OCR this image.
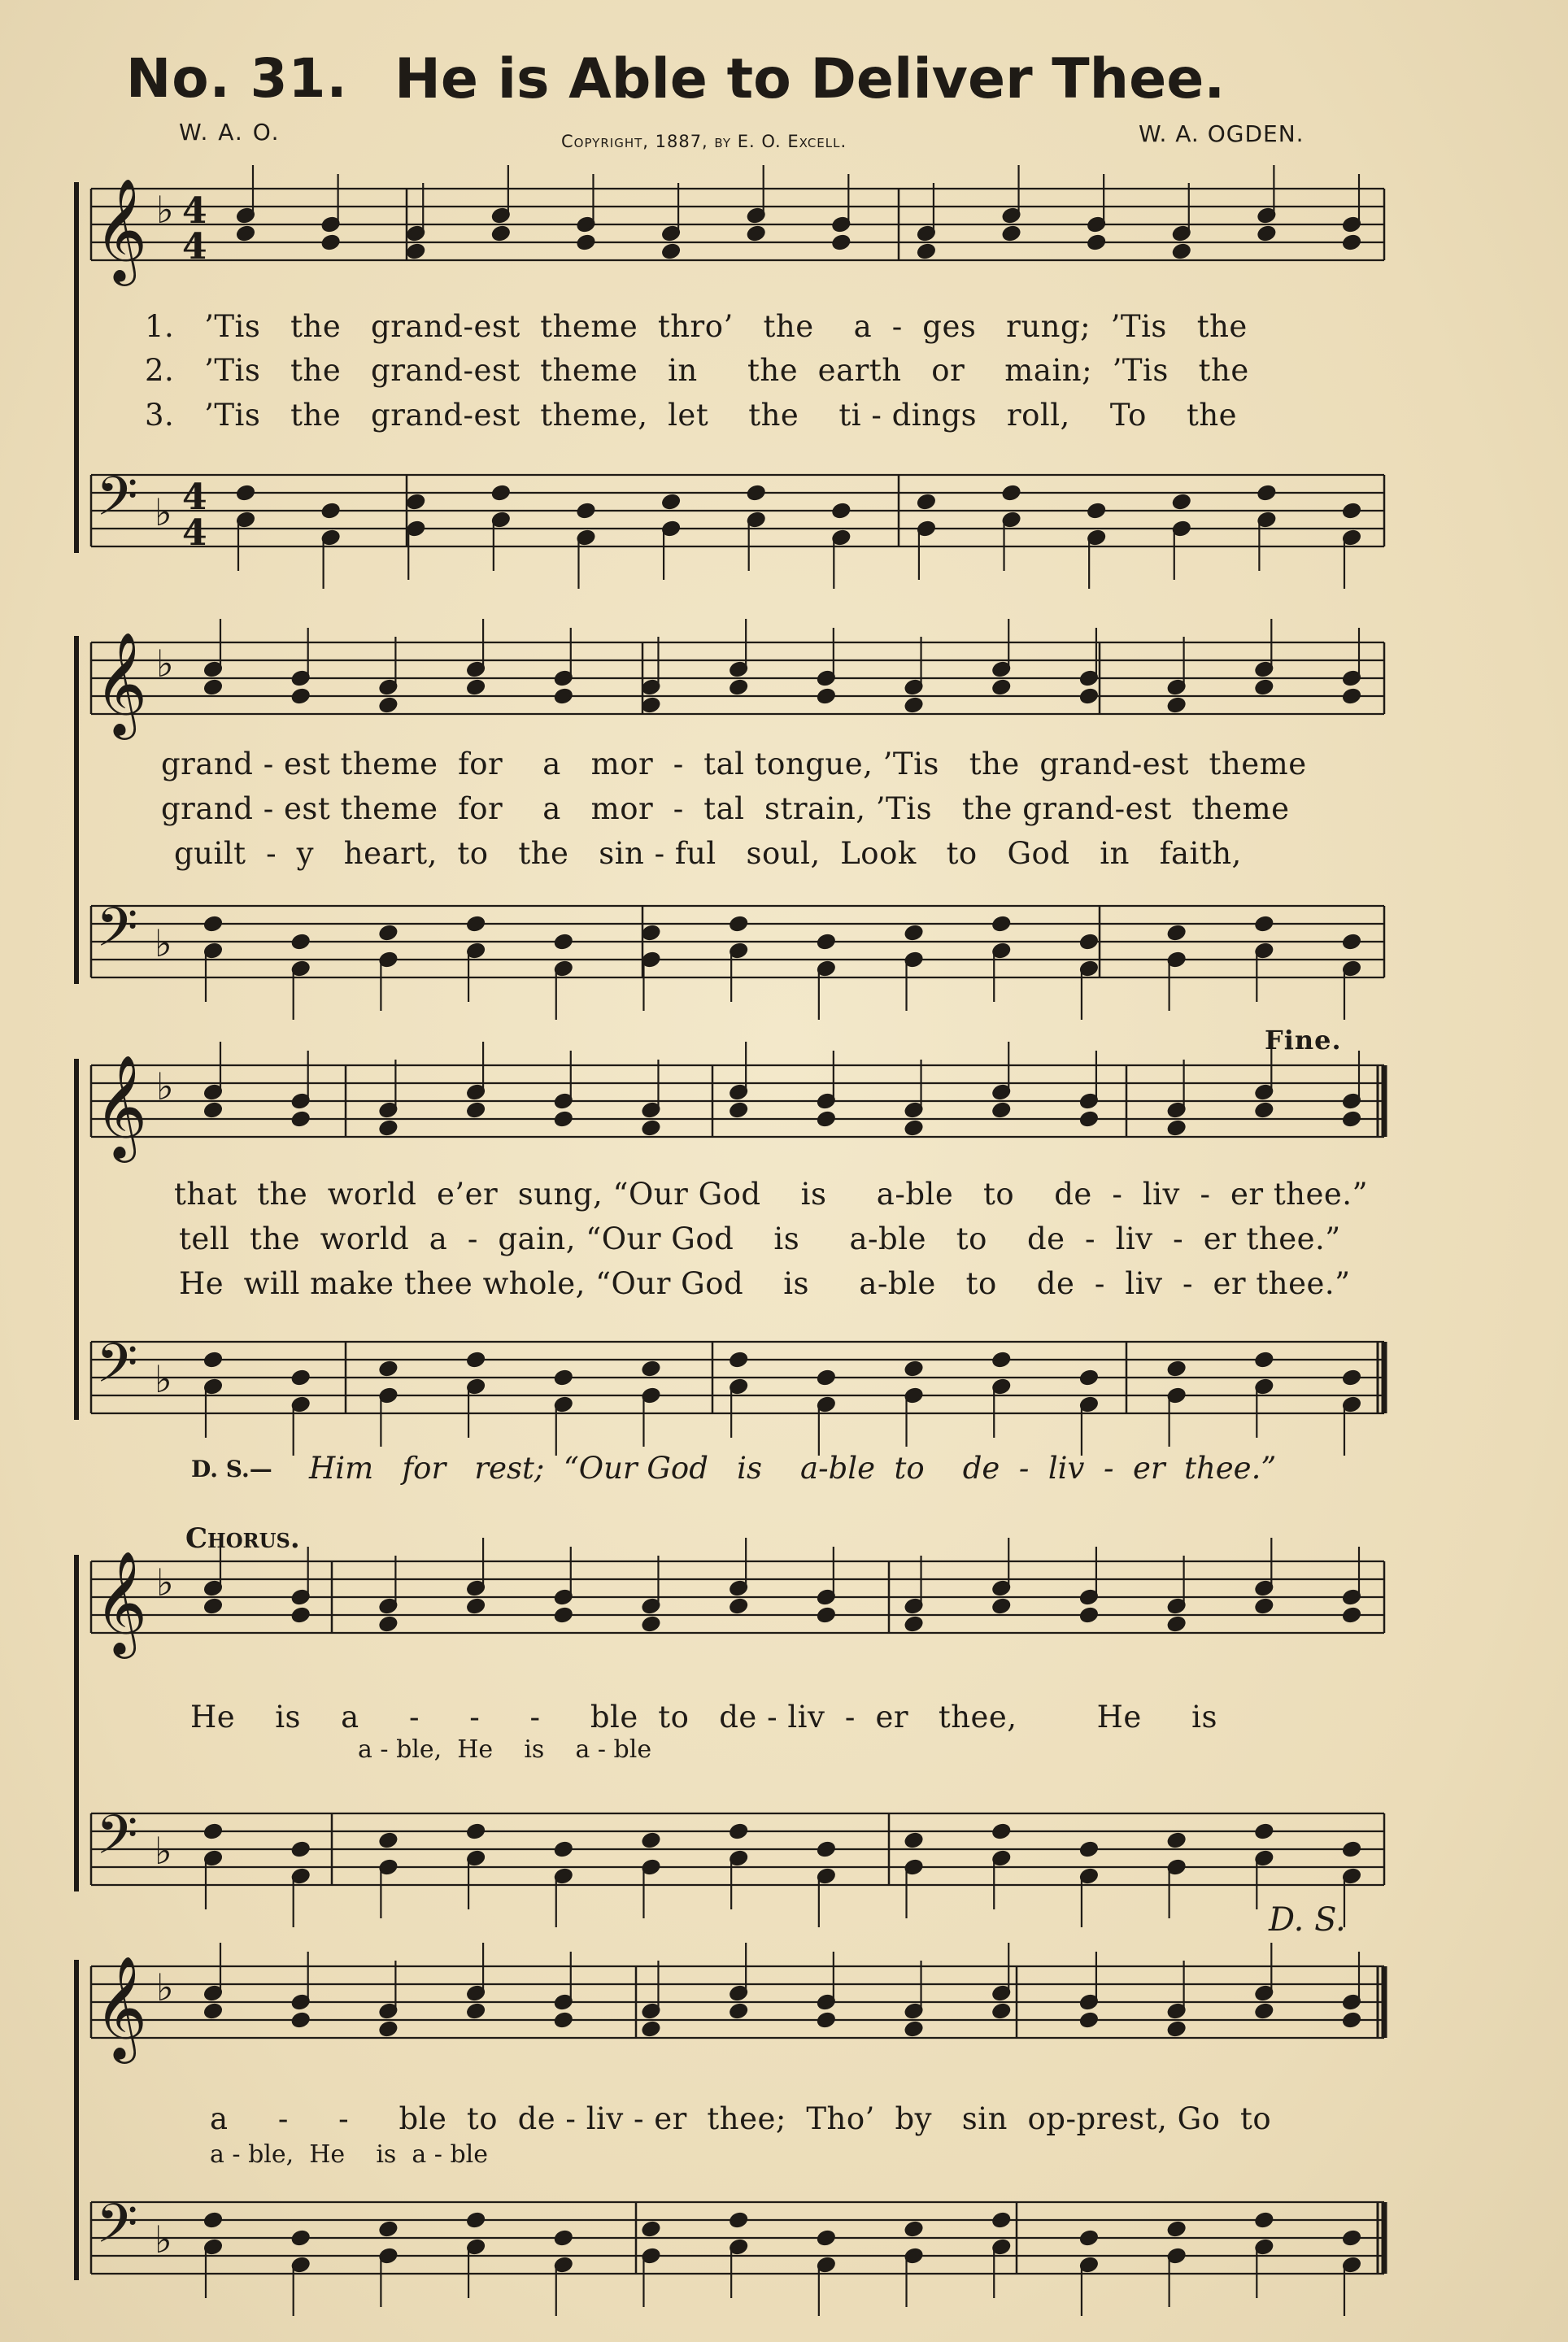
No. 31. He is Able to Deliver Thee.
W. A. O.	Copyright, 1887, by E. O. Excell.	W. A. OGDEN.
𝄞
𝄢
♭
♭
4
4
4
4
𝄞
𝄢
♭
♭
𝄞
𝄢
♭
♭
𝄞
𝄢
♭
♭
𝄞
𝄢
♭
♭
1.   ’Tis   the   grand-est  theme  thro’   the    a  -  ges   rung;  ’Tis   the
2.   ’Tis   the   grand-est  theme   in     the  earth   or    main;  ’Tis   the
3.   ’Tis   the   grand-est  theme,  let    the    ti - dings   roll,    To    the
grand - est theme  for    a   mor  -  tal tongue, ’Tis   the  grand-est  theme
grand - est theme  for    a   mor  -  tal  strain, ’Tis   the grand-est  theme
guilt  -  y   heart,  to   the   sin - ful   soul,  Look   to   God   in   faith,
Fine.
that  the  world  e’er  sung, “Our God    is     a-ble   to    de  -  liv  -  er thee.”
tell  the  world  a  -  gain, “Our God    is     a-ble   to    de  -  liv  -  er thee.”
He  will make thee whole, “Our God    is     a-ble   to    de  -  liv  -  er thee.”
D. S.— Him   for   rest;  “Our God   is    a-ble  to    de  -  liv  -  er  thee.”
Chorus.
He    is    a     -     -     -     ble  to   de - liv  -  er   thee,        He     is
a - ble,  He    is    a - ble
D. S.
a     -     -     ble  to  de - liv - er  thee;  Tho’  by   sin  op-prest, Go  to
a - ble,  He    is  a - ble
